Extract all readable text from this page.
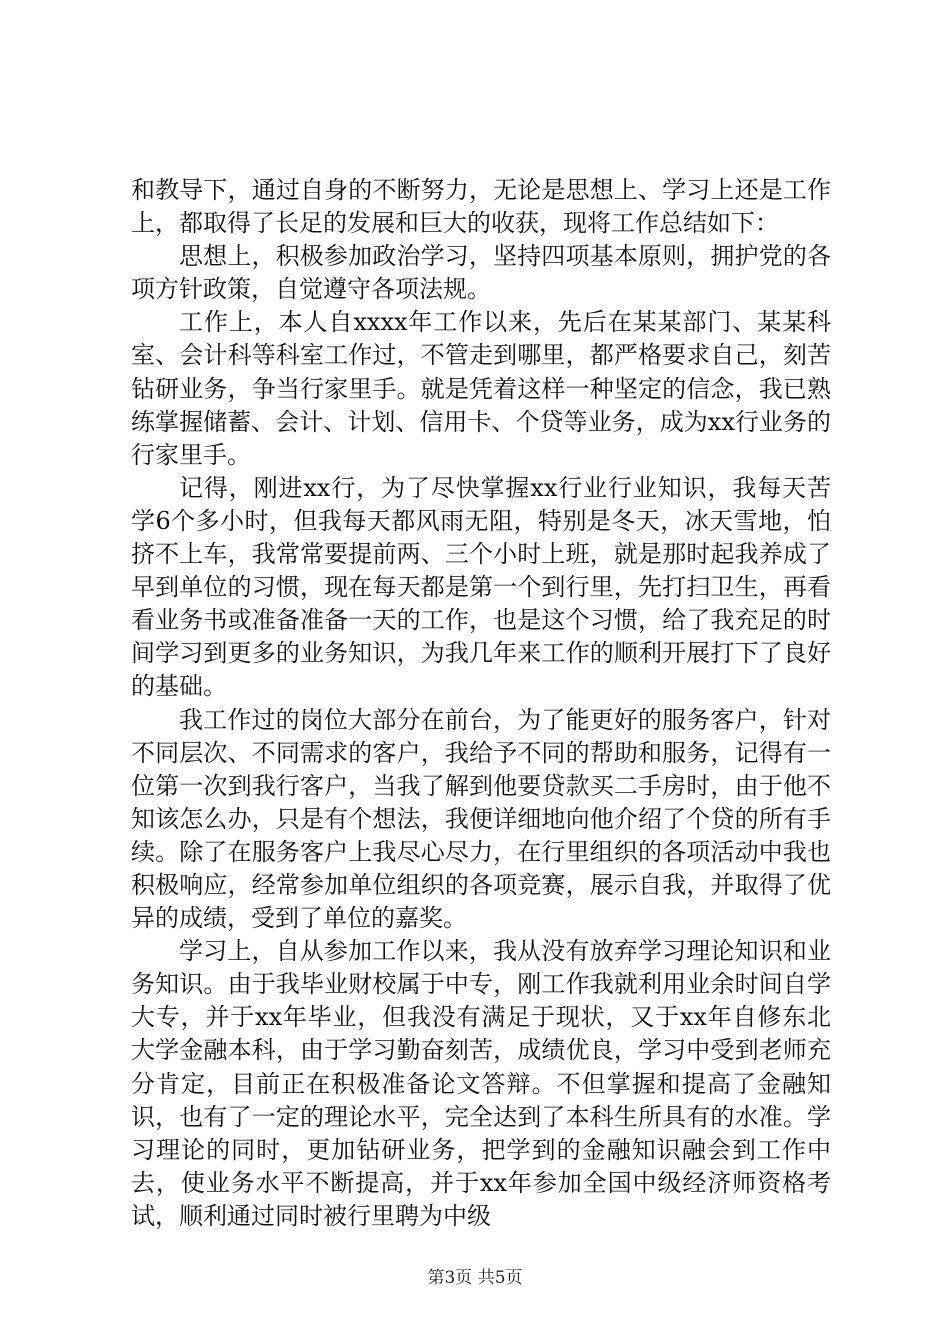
和教导下，通过自身的不断努力，无论是思想上、学习上还是工作上，都取得了长足的发展和巨大的收获，现将工作总结如下：

思想上，积极参加政治学习，坚持四项基本原则，拥护党的各项方针政策，自觉遵守各项法规。

工作上，本人自xxxx年工作以来，先后在某某部门、某某科室、会计科等科室工作过，不管走到哪里，都严格要求自己，刻苦钻研业务，争当行家里手。就是凭着这样一种坚定的信念，我已熟练掌握储蓄、会计、计划、信用卡、个贷等业务，成为xx行业务的行家里手。

记得，刚进xx行，为了尽快掌握xx行业行业知识，我每天苦学6个多小时，但我每天都风雨无阻，特别是冬天，冰天雪地，怕挤不上车，我常常要提前两、三个小时上班，就是那时起我养成了早到单位的习惯，现在每天都是第一个到行里，先打扫卫生，再看看业务书或准备准备一天的工作，也是这个习惯，给了我充足的时间学习到更多的业务知识，为我几年来工作的顺利开展打下了良好的基础。

我工作过的岗位大部分在前台，为了能更好的服务客户，针对不同层次、不同需求的客户，我给予不同的帮助和服务，记得有一位第一次到我行客户，当我了解到他要贷款买二手房时，由于他不知该怎么办，只是有个想法，我便详细地向他介绍了个贷的所有手续。除了在服务客户上我尽心尽力，在行里组织的各项活动中我也积极响应，经常参加单位组织的各项竞赛，展示自我，并取得了优异的成绩，受到了单位的嘉奖。

学习上，自从参加工作以来，我从没有放弃学习理论知识和业务知识。由于我毕业财校属于中专，刚工作我就利用业余时间自学大专，并于xx年毕业，但我没有满足于现状，又于xx年自修东北大学金融本科，由于学习勤奋刻苦，成绩优良，学习中受到老师充分肯定，目前正在积极准备论文答辩。不但掌握和提高了金融知识，也有了一定的理论水平，完全达到了本科生所具有的水准。学习理论的同时，更加钻研业务，把学到的金融知识融会到工作中去，使业务水平不断提高，并于xx年参加全国中级经济师资格考试，顺利通过同时被行里聘为中级

第3页 共5页
